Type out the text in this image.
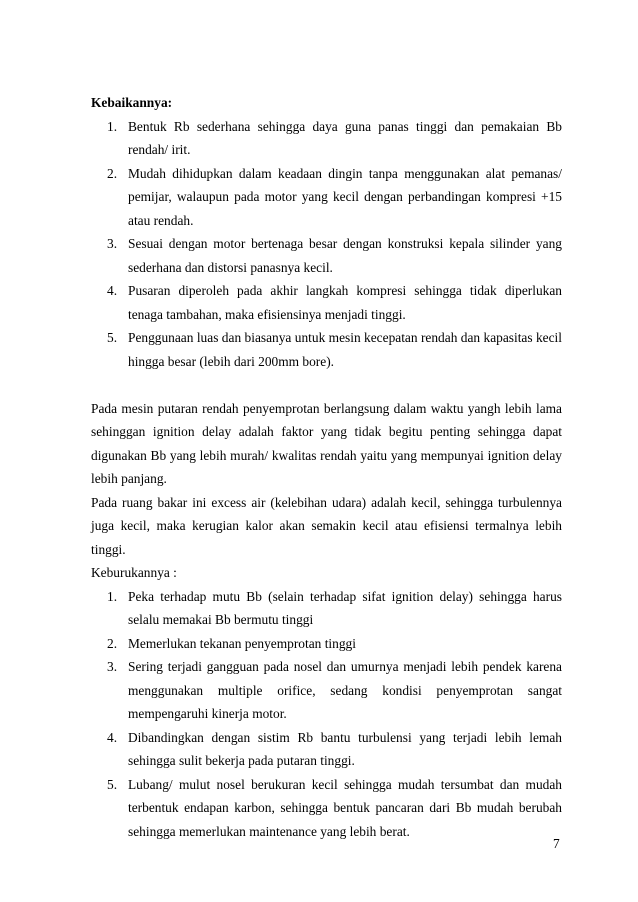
Kebaikannya:

1. Bentuk Rb sederhana sehingga daya guna panas tinggi dan pemakaian Bb rendah/ irit.
2. Mudah dihidupkan dalam keadaan dingin tanpa menggunakan alat pemanas/ pemijar, walaupun pada motor yang kecil dengan perbandingan kompresi +15 atau rendah.
3. Sesuai dengan motor bertenaga besar dengan konstruksi kepala silinder yang sederhana dan distorsi panasnya kecil.
4. Pusaran diperoleh pada akhir langkah kompresi sehingga tidak diperlukan tenaga tambahan, maka efisiensinya menjadi tinggi.
5. Penggunaan luas dan biasanya untuk mesin kecepatan rendah dan kapasitas kecil hingga besar (lebih dari 200mm bore).

Pada mesin putaran rendah penyemprotan berlangsung dalam waktu yangh lebih lama sehinggan ignition delay adalah faktor yang tidak begitu penting sehingga dapat digunakan Bb yang lebih murah/ kwalitas rendah yaitu yang mempunyai ignition delay lebih panjang.

Pada ruang bakar ini excess air (kelebihan udara) adalah kecil, sehingga turbulennya juga kecil, maka kerugian kalor akan semakin kecil atau efisiensi termalnya lebih tinggi.

Keburukannya :

1. Peka terhadap mutu Bb (selain terhadap sifat ignition delay) sehingga harus selalu memakai Bb bermutu tinggi
2. Memerlukan tekanan penyemprotan tinggi
3. Sering terjadi gangguan pada nosel dan umurnya menjadi lebih pendek karena menggunakan multiple orifice, sedang kondisi penyemprotan sangat mempengaruhi kinerja motor.
4. Dibandingkan dengan sistim Rb bantu turbulensi yang terjadi lebih lemah sehingga sulit bekerja pada putaran tinggi.
5. Lubang/ mulut nosel berukuran kecil sehingga mudah tersumbat dan mudah terbentuk endapan karbon, sehingga bentuk pancaran dari Bb mudah berubah sehingga memerlukan maintenance yang lebih berat.
7
